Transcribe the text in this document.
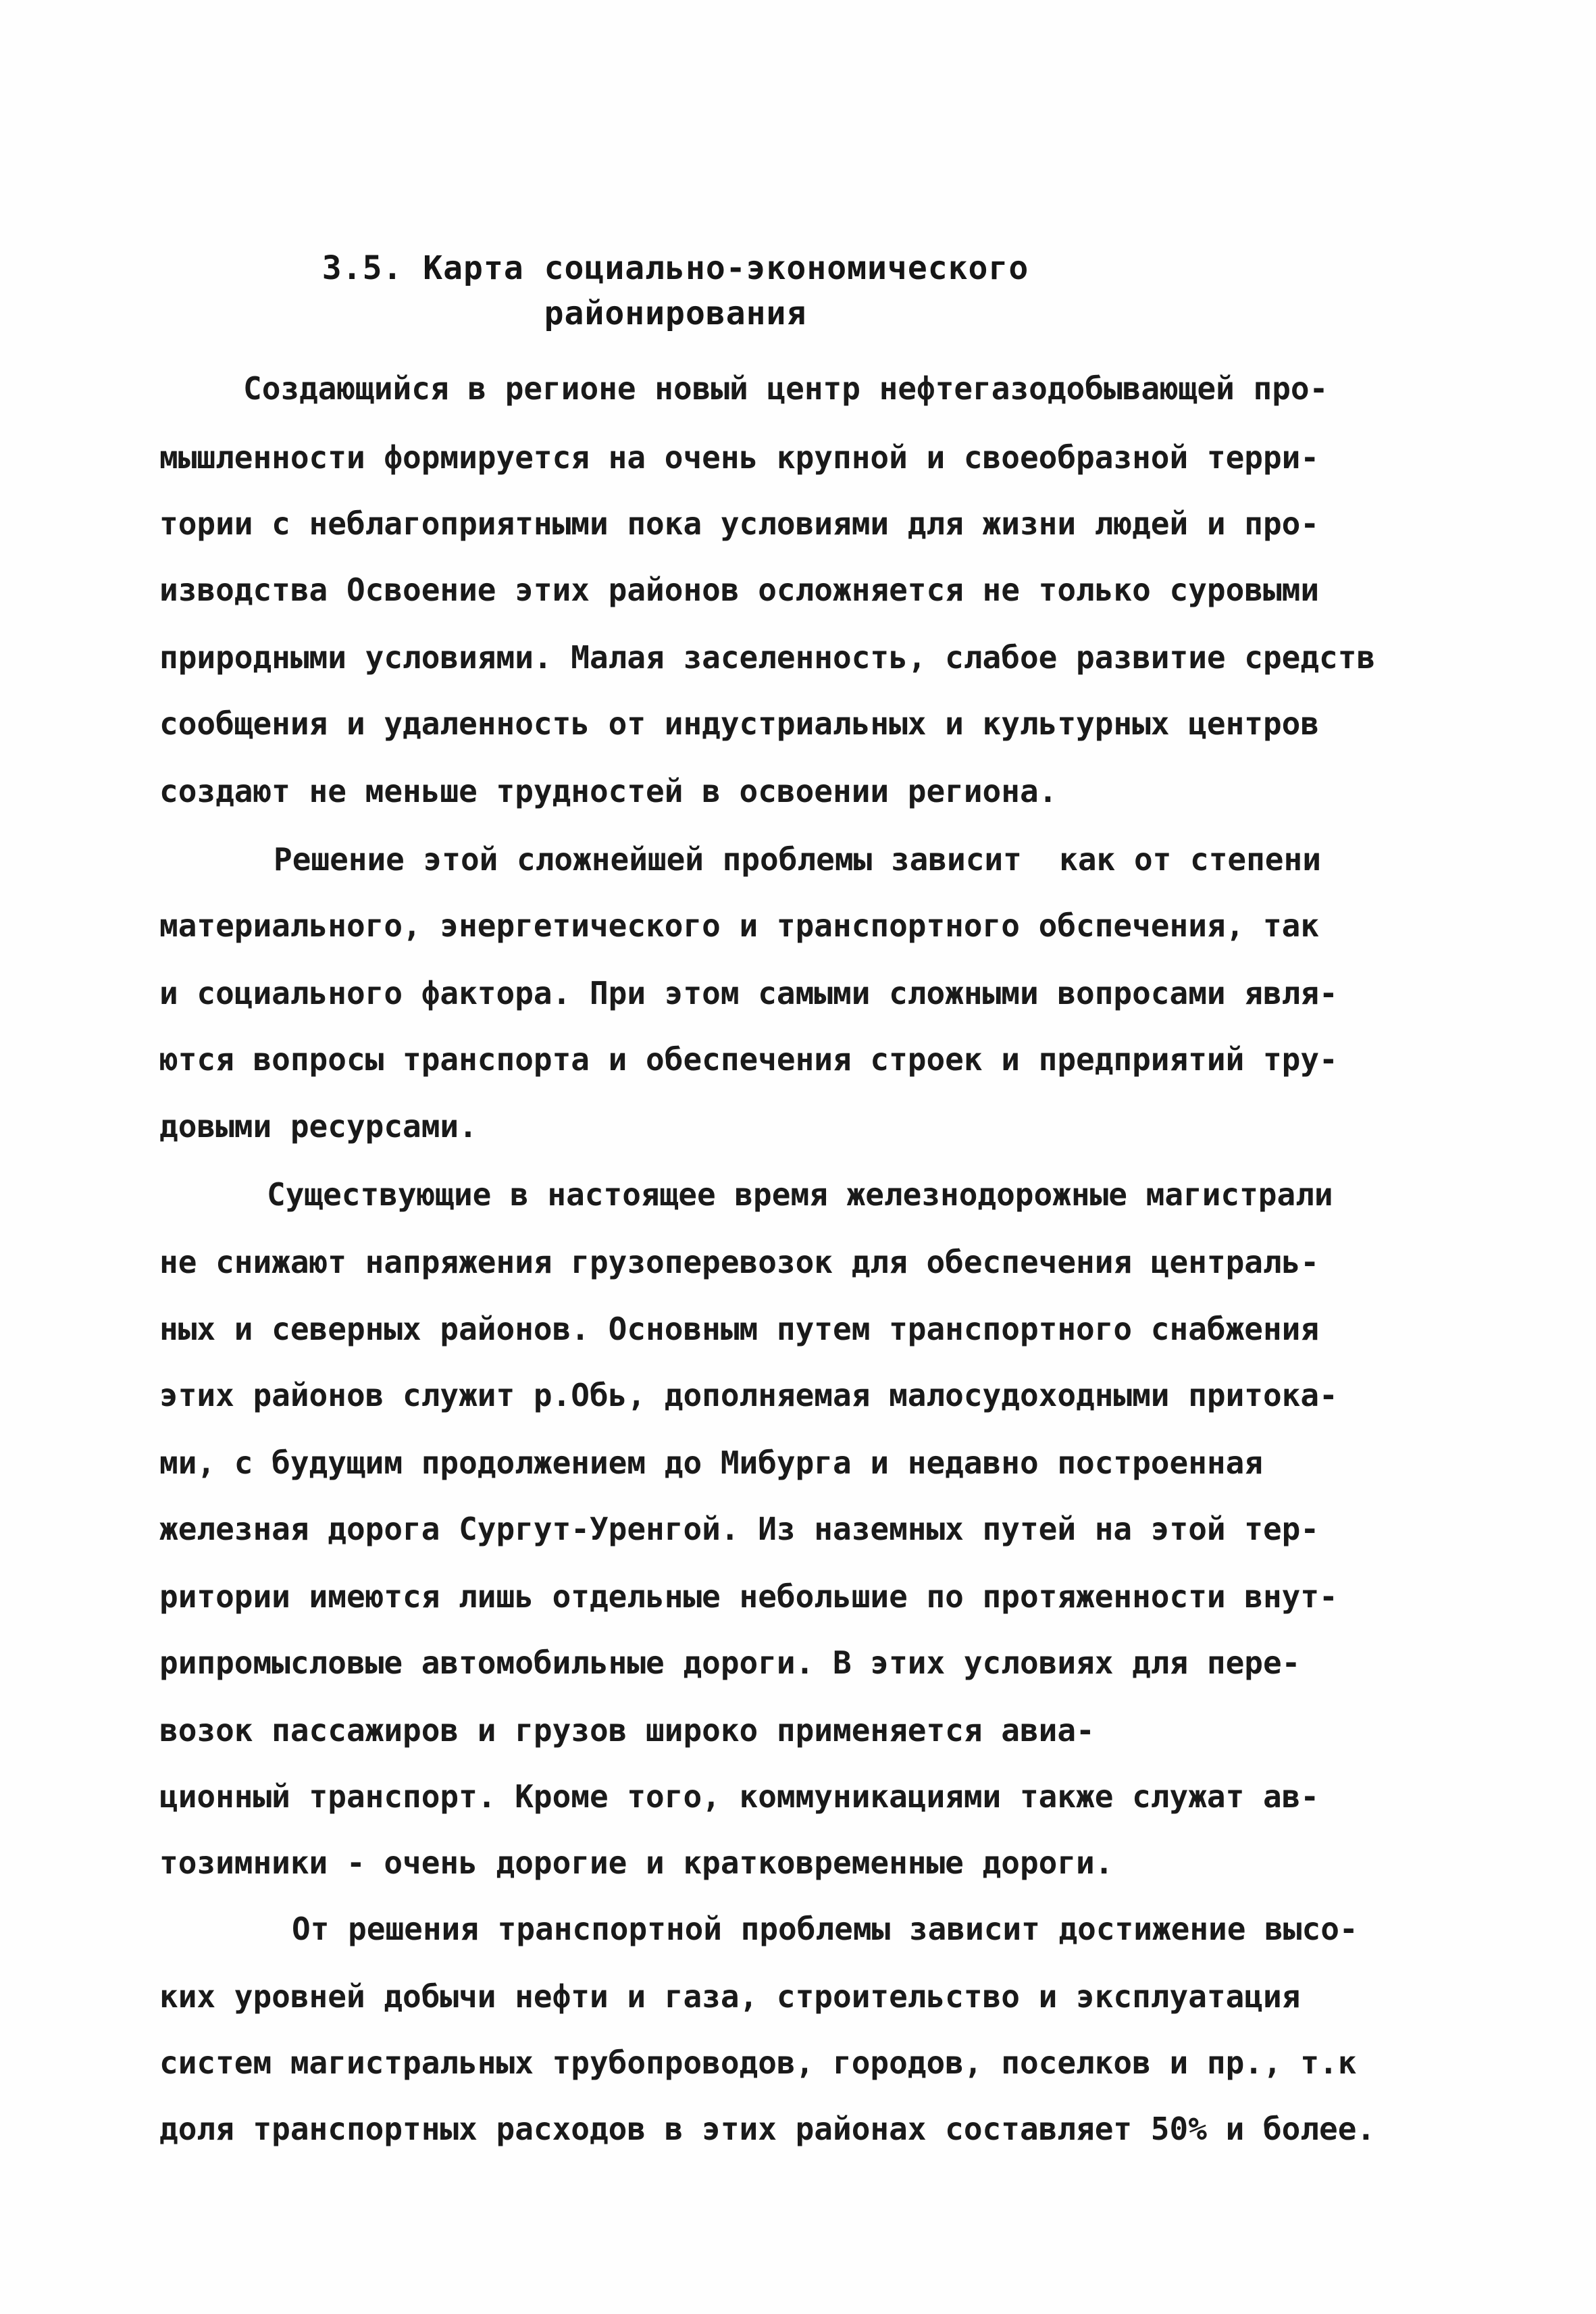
3.5. Карта социально-экономического
районирования
Создающийся в регионе новый центр нефтегазодобывающей про-
мышленности формируется на очень крупной и своеобразной терри-
тории с неблагоприятными пока условиями для жизни людей и про-
изводства Освоение этих районов осложняется не только суровыми
природными условиями. Малая заселенность, слабое развитие средств
сообщения и удаленность от индустриальных и культурных центров
создают не меньше трудностей в освоении региона.
Решение этой сложнейшей проблемы зависит  как от степени
материального, энергетического и транспортного обспечения, так
и социального фактора. При этом самыми сложными вопросами явля-
ются вопросы транспорта и обеспечения строек и предприятий тру-
довыми ресурсами.
Существующие в настоящее время железнодорожные магистрали
не снижают напряжения грузоперевозок для обеспечения централь-
ных и северных районов. Основным путем транспортного снабжения
этих районов служит р.Обь, дополняемая малосудоходными притока-
ми, с будущим продолжением до Мибурга и недавно построенная
железная дорога Сургут-Уренгой. Из наземных путей на этой тер-
ритории имеются лишь отдельные небольшие по протяженности внут-
рипромысловые автомобильные дороги. В этих условиях для пере-
возок пассажиров и грузов широко применяется авиа-
ционный транспорт. Кроме того, коммуникациями также служат ав-
тозимники - очень дорогие и кратковременные дороги.
От решения транспортной проблемы зависит достижение высо-
ких уровней добычи нефти и газа, строительство и эксплуатация
систем магистральных трубопроводов, городов, поселков и пр., т.к
доля транспортных расходов в этих районах составляет 50% и более.
